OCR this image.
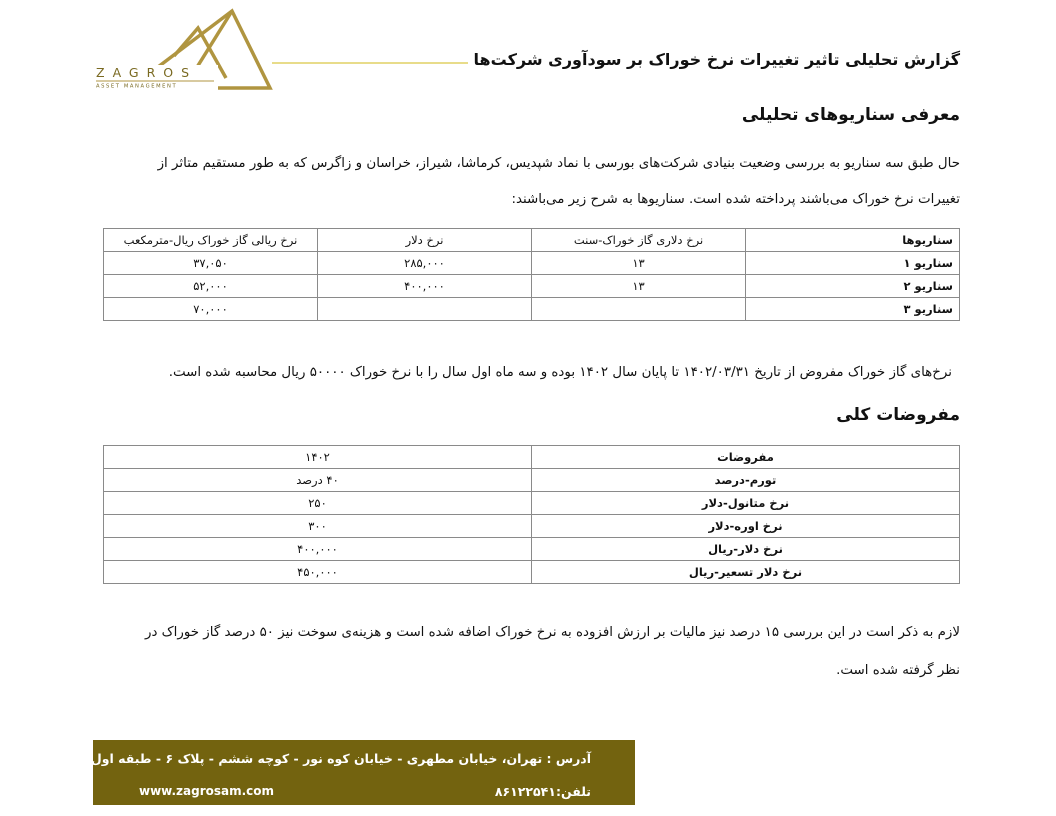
ZAGROS
ASSET MANAGEMENT
گزارش تحلیلی تاثیر تغییرات نرخ خوراک بر سودآوری شرکت‌ها
معرفی سناریوهای تحلیلی

حال طبق سه سناریو به بررسی وضعیت بنیادی شرکت‌های بورسی با نماد شپدیس، کرماشا، شیراز، خراسان و زاگرس که به طور مستقیم متاثر از

تغییرات نرخ خوراک می‌باشند پرداخته شده است. سناریوها به شرح زیر می‌باشند:

سناریوها	نرخ دلاری گاز خوراک-سنت	نرخ دلار	نرخ ریالی گاز خوراک ریال-مترمکعب
سناریو ۱	۱۳	۲۸۵,۰۰۰	۳۷,۰۵۰
سناریو ۲	۱۳	۴۰۰,۰۰۰	۵۲,۰۰۰
سناریو ۳			۷۰,۰۰۰
نرخ‌های گاز خوراک مفروض از تاریخ ۱۴۰۲/۰۳/۳۱ تا پایان سال ۱۴۰۲ بوده و سه ماه اول سال را با نرخ خوراک ۵۰۰۰۰ ریال محاسبه شده است.
مفروضات کلی
مفروضات	۱۴۰۲
تورم-درصد	۴۰ درصد
نرخ متانول-دلار	۲۵۰
نرخ اوره-دلار	۳۰۰
نرخ دلار-ریال	۴۰۰,۰۰۰
نرخ دلار تسعیر-ریال	۴۵۰,۰۰۰

لازم به ذکر است در این بررسی ۱۵ درصد نیز مالیات بر ارزش افزوده به نرخ خوراک اضافه شده است و هزینه‌ی سوخت نیز ۵۰ درصد گاز خوراک در

نظر گرفته شده است.

آدرس : تهران، خیابان مطهری - خیابان کوه نور - کوچه ششم - پلاک ۶ - طبقه اول
تلفن:۸۶۱۲۲۵۴۱
www.zagrosam.com
